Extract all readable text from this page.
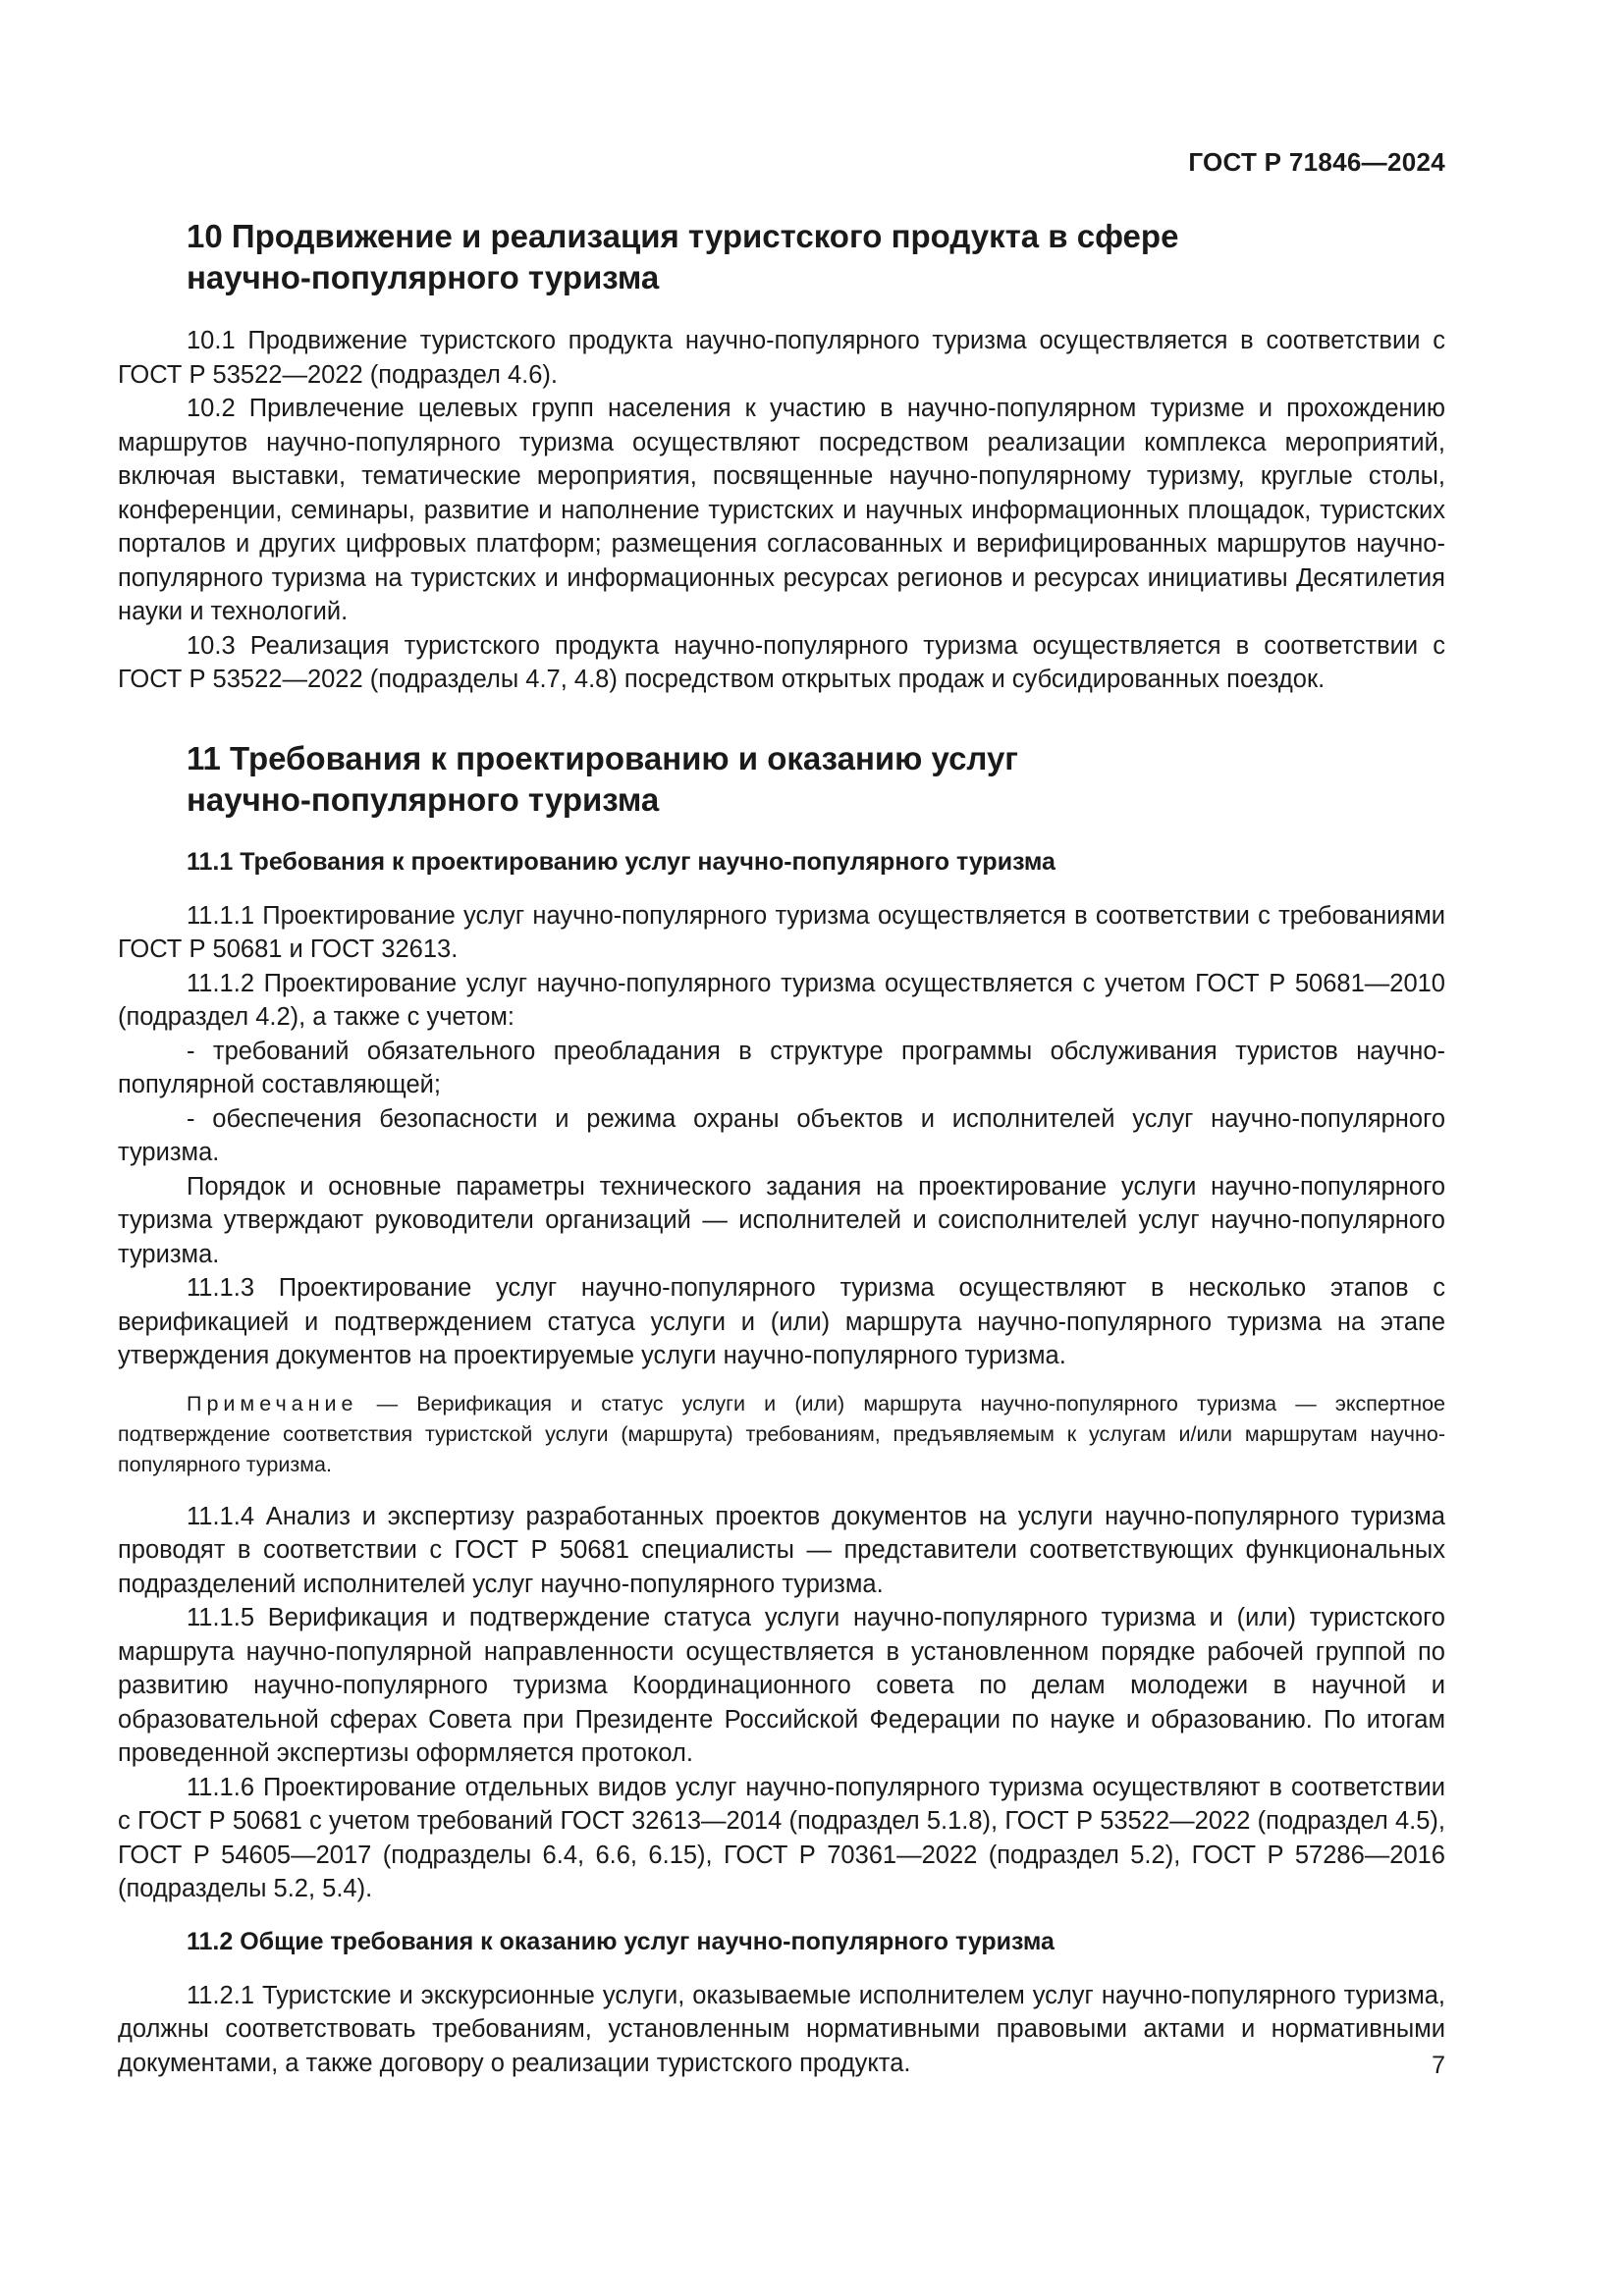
ГОСТ Р 71846—2024
10 Продвижение и реализация туристского продукта в сфере
научно-популярного туризма

10.1 Продвижение туристского продукта научно-популярного туризма осуществляется в соответствии с ГОСТ Р 53522—2022 (подраздел 4.6).

10.2 Привлечение целевых групп населения к участию в научно-популярном туризме и прохождению маршрутов научно-популярного туризма осуществляют посредством реализации комплекса мероприятий, включая выставки, тематические мероприятия, посвященные научно-популярному туризму, круглые столы, конференции, семинары, развитие и наполнение туристских и научных информационных площадок, туристских порталов и других цифровых платформ; размещения согласованных и верифицированных маршрутов научно-популярного туризма на туристских и информационных ресурсах регионов и ресурсах инициативы Десятилетия науки и технологий.

10.3 Реализация туристского продукта научно-популярного туризма осуществляется в соответствии с ГОСТ Р 53522—2022 (подразделы 4.7, 4.8) посредством открытых продаж и субсидированных поездок.

11 Требования к проектированию и оказанию услуг
научно-популярного туризма
11.1 Требования к проектированию услуг научно-популярного туризма

11.1.1 Проектирование услуг научно-популярного туризма осуществляется в соответствии с требованиями ГОСТ Р 50681 и ГОСТ 32613.

11.1.2 Проектирование услуг научно-популярного туризма осуществляется с учетом ГОСТ Р 50681—2010 (подраздел 4.2), а также с учетом:

- требований обязательного преобладания в структуре программы обслуживания туристов научно-популярной составляющей;

- обеспечения безопасности и режима охраны объектов и исполнителей услуг научно-популярного туризма.

Порядок и основные параметры технического задания на проектирование услуги научно-популярного туризма утверждают руководители организаций — исполнителей и соисполнителей услуг научно-популярного туризма.

11.1.3 Проектирование услуг научно-популярного туризма осуществляют в несколько этапов с верификацией и подтверждением статуса услуги и (или) маршрута научно-популярного туризма на этапе утверждения документов на проектируемые услуги научно-популярного туризма.

Примечание — Верификация и статус услуги и (или) маршрута научно-популярного туризма — экспертное подтверждение соответствия туристской услуги (маршрута) требованиям, предъявляемым к услугам и/или маршрутам научно-популярного туризма.

11.1.4 Анализ и экспертизу разработанных проектов документов на услуги научно-популярного туризма проводят в соответствии с ГОСТ Р 50681 специалисты — представители соответствующих функциональных подразделений исполнителей услуг научно-популярного туризма.

11.1.5 Верификация и подтверждение статуса услуги научно-популярного туризма и (или) туристского маршрута научно-популярной направленности осуществляется в установленном порядке рабочей группой по развитию научно-популярного туризма Координационного совета по делам молодежи в научной и образовательной сферах Совета при Президенте Российской Федерации по науке и образованию. По итогам проведенной экспертизы оформляется протокол.

11.1.6 Проектирование отдельных видов услуг научно-популярного туризма осуществляют в соответствии с ГОСТ Р 50681 с учетом требований ГОСТ 32613—2014 (подраздел 5.1.8), ГОСТ Р 53522—2022 (подраздел 4.5), ГОСТ Р 54605—2017 (подразделы 6.4, 6.6, 6.15), ГОСТ Р 70361—2022 (подраздел 5.2), ГОСТ Р 57286—2016 (подразделы 5.2, 5.4).

11.2 Общие требования к оказанию услуг научно-популярного туризма

11.2.1 Туристские и экскурсионные услуги, оказываемые исполнителем услуг научно-популярного туризма, должны соответствовать требованиям, установленным нормативными правовыми актами и нормативными документами, а также договору о реализации туристского продукта.	7
